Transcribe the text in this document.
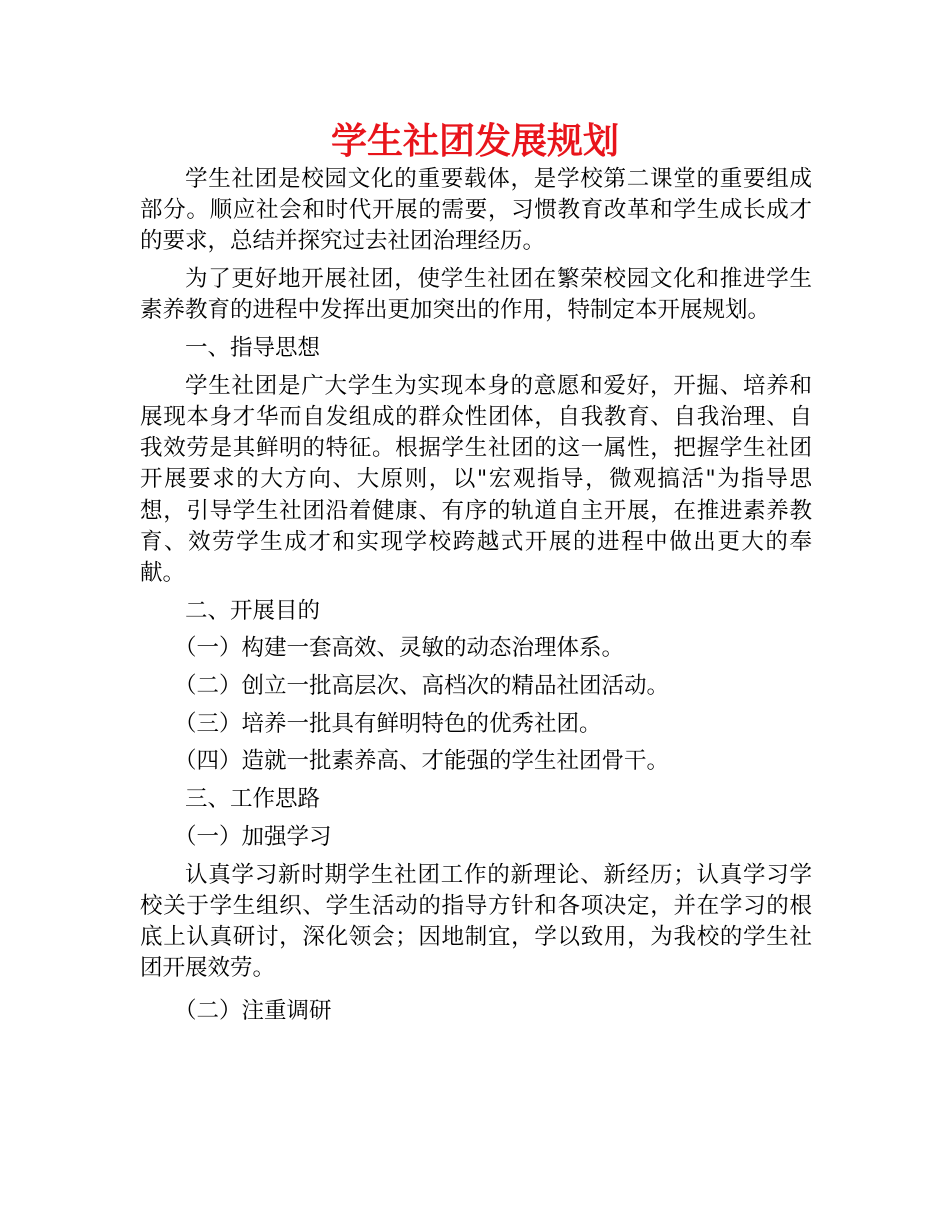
学生社团发展规划

学生社团是校园文化的重要载体，是学校第二课堂的重要组成部分。顺应社会和时代开展的需要，习惯教育改革和学生成长成才的要求，总结并探究过去社团治理经历。

为了更好地开展社团，使学生社团在繁荣校园文化和推进学生素养教育的进程中发挥出更加突出的作用，特制定本开展规划。

一、指导思想

学生社团是广大学生为实现本身的意愿和爱好，开掘、培养和展现本身才华而自发组成的群众性团体，自我教育、自我治理、自我效劳是其鲜明的特征。根据学生社团的这一属性，把握学生社团开展要求的大方向、大原则，以"宏观指导，微观搞活"为指导思想，引导学生社团沿着健康、有序的轨道自主开展，在推进素养教育、效劳学生成才和实现学校跨越式开展的进程中做出更大的奉献。

二、开展目的

（一）构建一套高效、灵敏的动态治理体系。

（二）创立一批高层次、高档次的精品社团活动。

（三）培养一批具有鲜明特色的优秀社团。

（四）造就一批素养高、才能强的学生社团骨干。

三、工作思路

（一）加强学习

认真学习新时期学生社团工作的新理论、新经历；认真学习学校关于学生组织、学生活动的指导方针和各项决定，并在学习的根底上认真研讨，深化领会；因地制宜，学以致用，为我校的学生社团开展效劳。

（二）注重调研
